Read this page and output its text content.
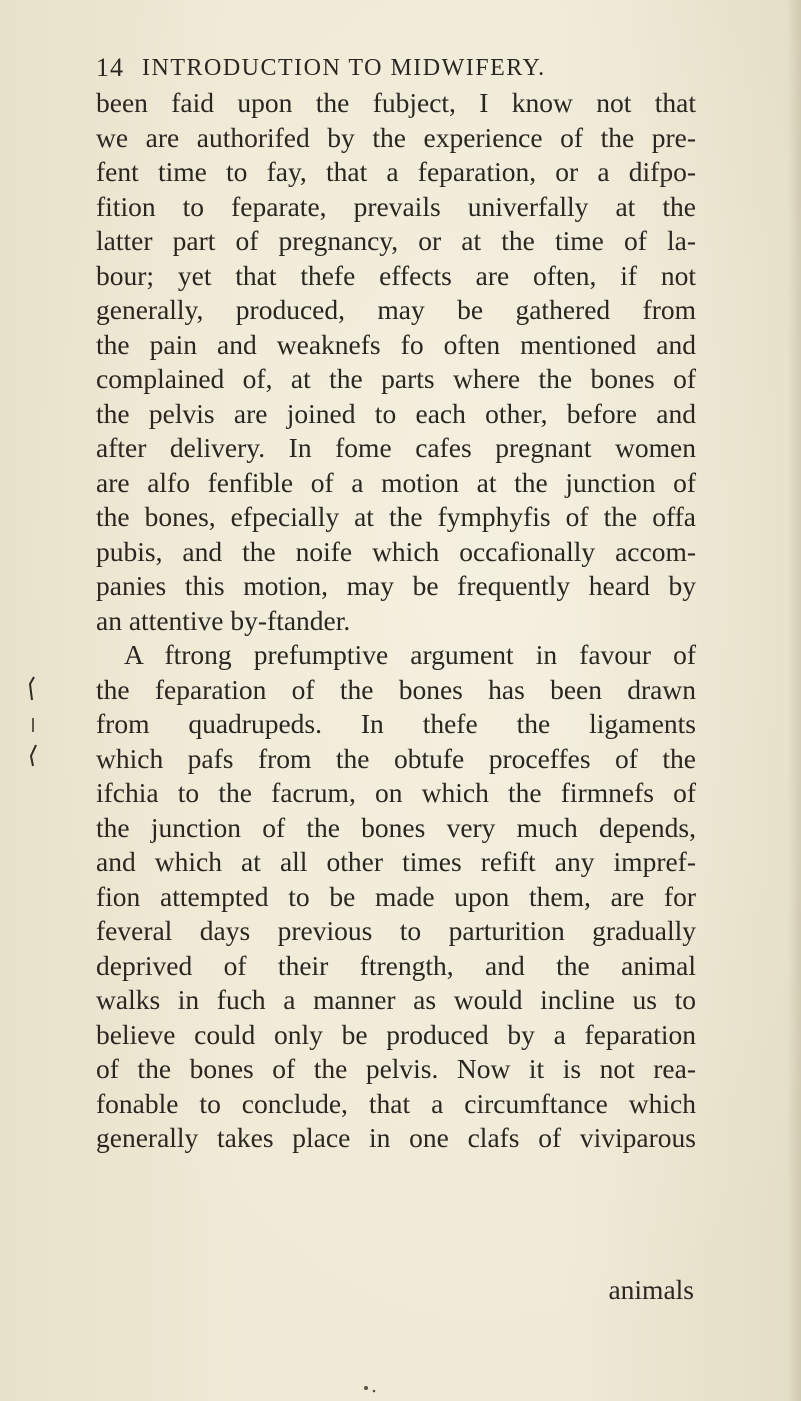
14 INTRODUCTION TO MIDWIFERY.
been faid upon the fubject, I know not that
we are authorifed by the experience of the pre-
fent time to fay, that a feparation, or a difpo-
fition to feparate, prevails univerfally at the
latter part of pregnancy, or at the time of la-
bour; yet that thefe effects are often, if not
generally, produced, may be gathered from
the pain and weaknefs fo often mentioned and
complained of, at the parts where the bones of
the pelvis are joined to each other, before and
after delivery. In fome cafes pregnant women
are alfo fenfible of a motion at the junction of
the bones, efpecially at the fymphyfis of the offa
pubis, and the noife which occafionally accom-
panies this motion, may be frequently heard by
an attentive by-ftander.
A ftrong prefumptive argument in favour of
the feparation of the bones has been drawn
from quadrupeds. In thefe the ligaments
which pafs from the obtufe proceffes of the
ifchia to the facrum, on which the firmnefs of
the junction of the bones very much depends,
and which at all other times refift any impref-
fion attempted to be made upon them, are for
feveral days previous to parturition gradually
deprived of their ftrength, and the animal
walks in fuch a manner as would incline us to
believe could only be produced by a feparation
of the bones of the pelvis. Now it is not rea-
fonable to conclude, that a circumftance which
generally takes place in one clafs of viviparous
animals
